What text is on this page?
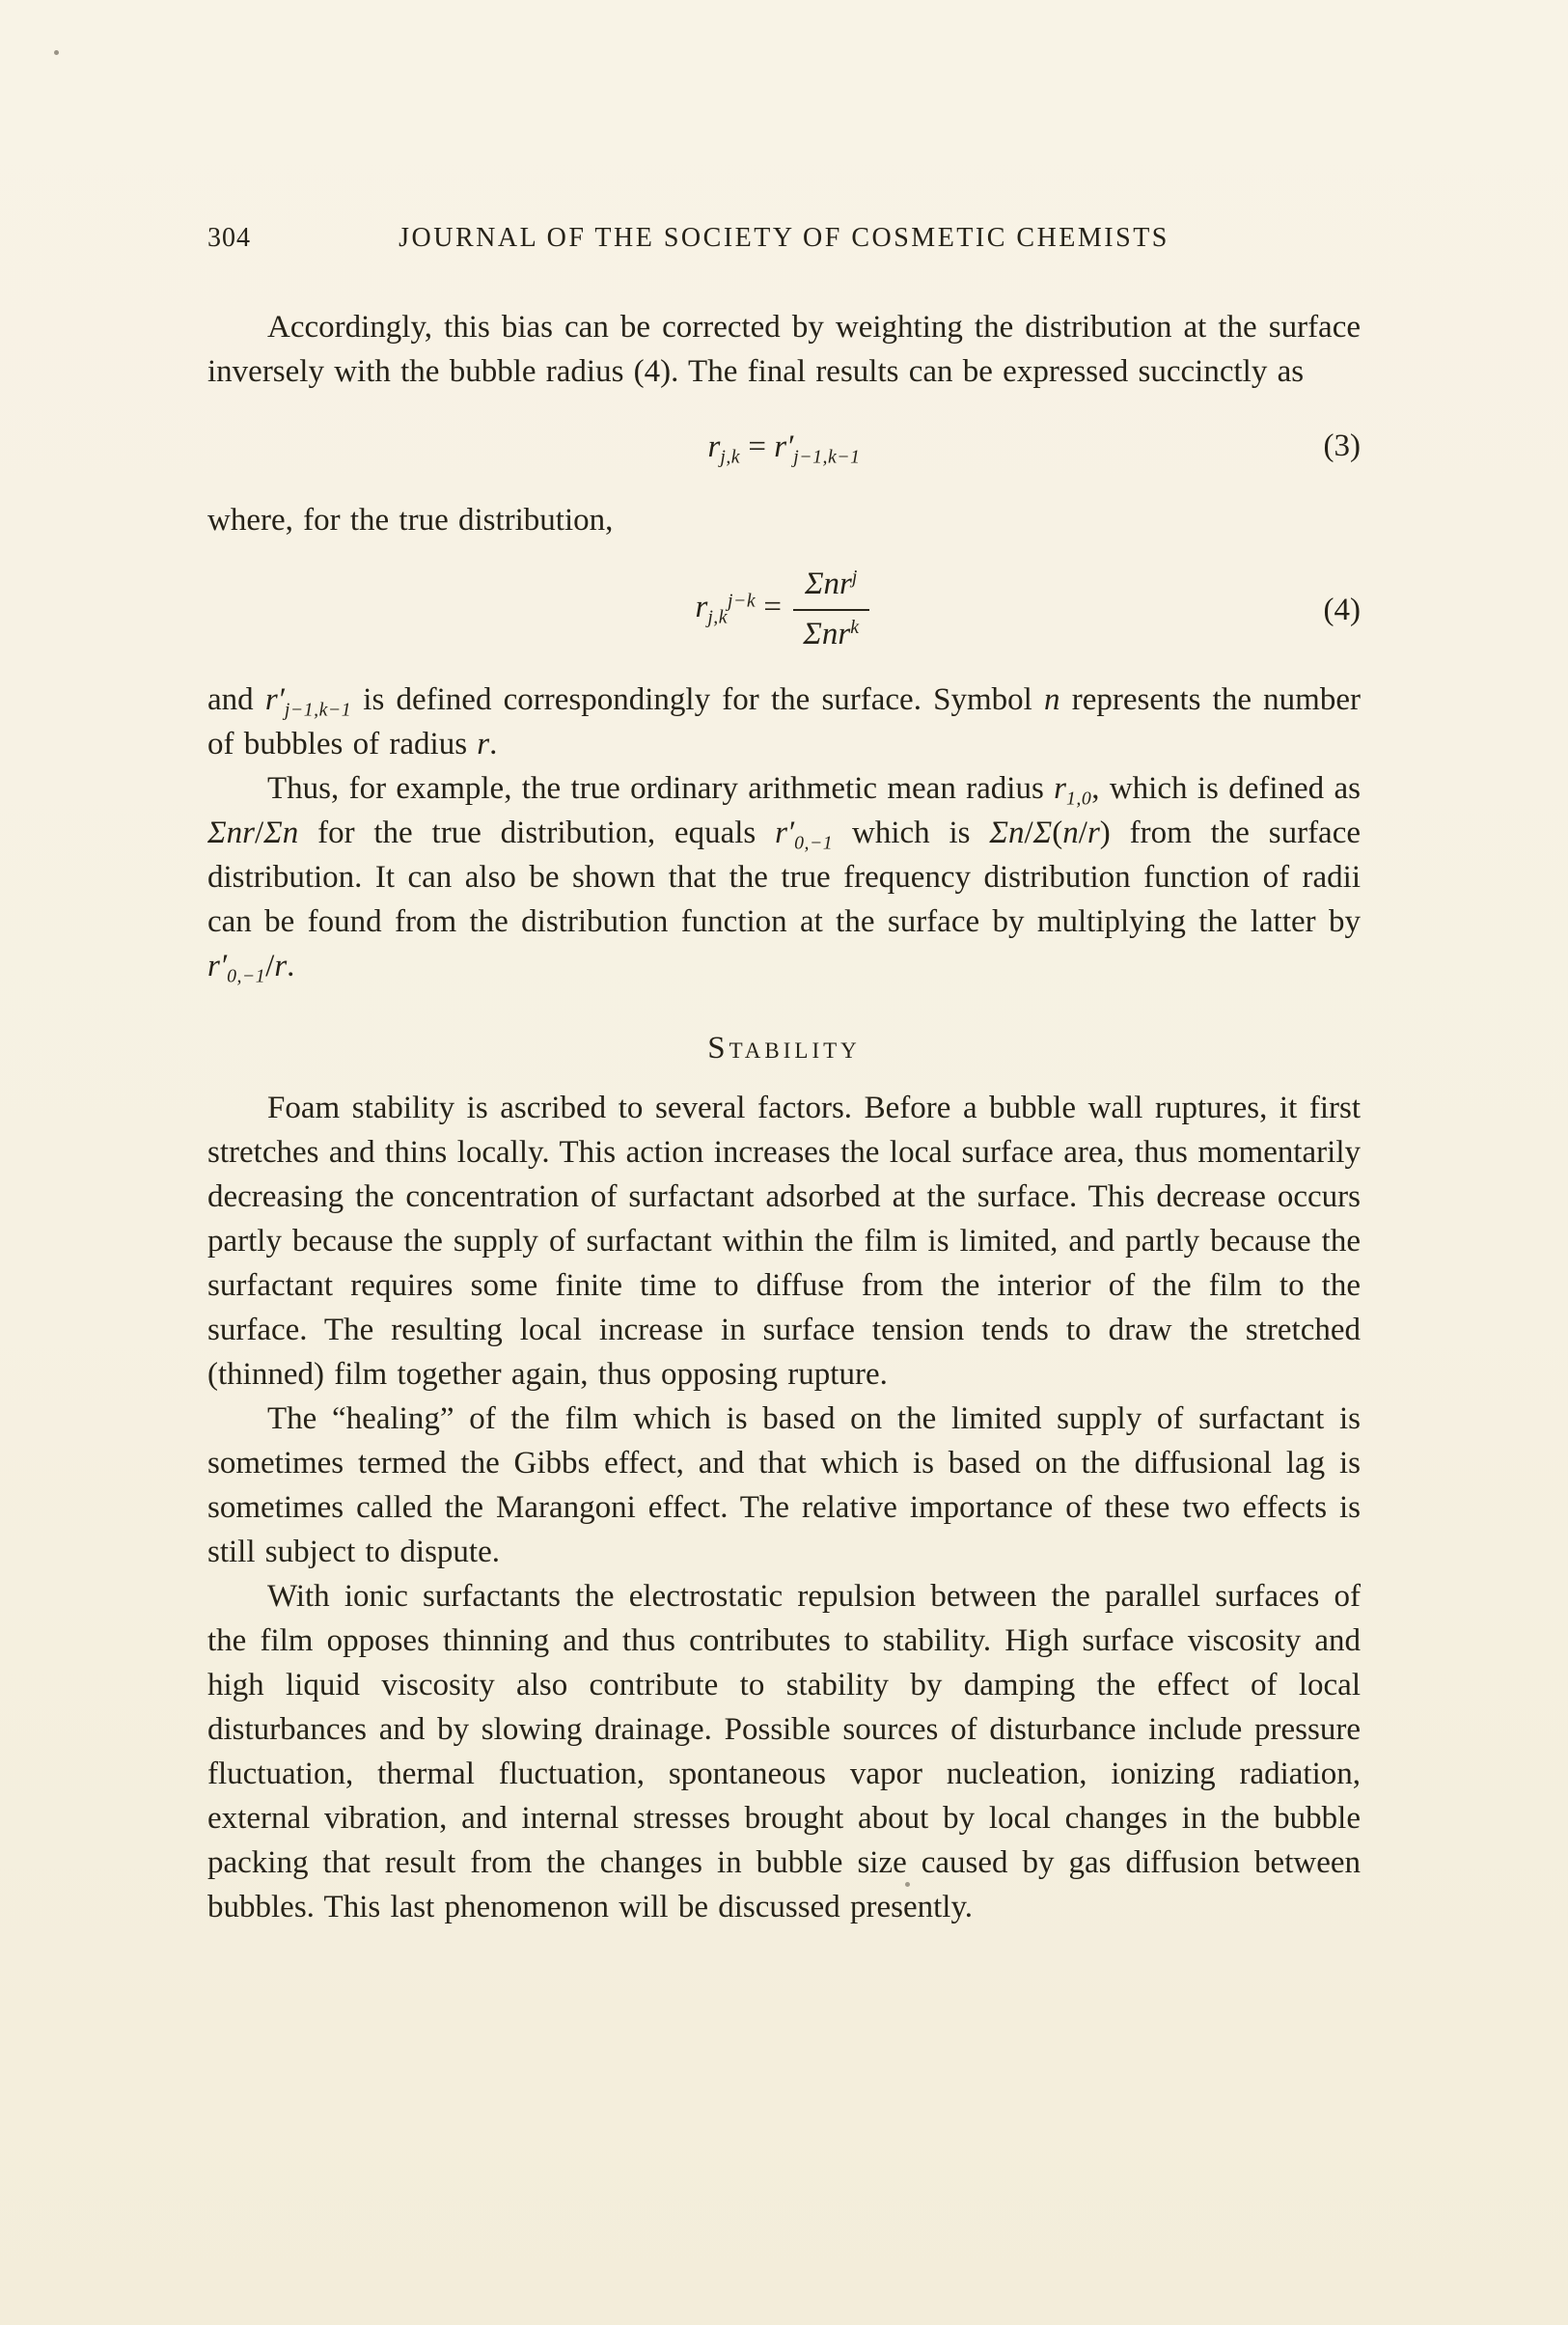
304	JOURNAL OF THE SOCIETY OF COSMETIC CHEMISTS

Accordingly, this bias can be corrected by weighting the distribution at the surface inversely with the bubble radius (4). The final results can be expressed succinctly as

$r_{j,k} = r'_{j-1,k-1}$	(3)

where, for the true distribution,

$r_{j,k}^{j-k} = \frac{\Sigma nr^j}{\Sigma nr^k}$	(4)

and $r'_{j-1,k-1}$ is defined correspondingly for the surface. Symbol n represents the number of bubbles of radius r.

Thus, for example, the true ordinary arithmetic mean radius $r_{1,0}$, which is defined as Σnr/Σn for the true distribution, equals $r'_{0,-1}$ which is Σn/Σ(n/r) from the surface distribution. It can also be shown that the true frequency distribution function of radii can be found from the distribution function at the surface by multiplying the latter by $r'_{0,-1}/r$.

Stability

Foam stability is ascribed to several factors. Before a bubble wall ruptures, it first stretches and thins locally. This action increases the local surface area, thus momentarily decreasing the concentration of surfactant adsorbed at the surface. This decrease occurs partly because the supply of surfactant within the film is limited, and partly because the surfactant requires some finite time to diffuse from the interior of the film to the surface. The resulting local increase in surface tension tends to draw the stretched (thinned) film together again, thus opposing rupture.

The “healing” of the film which is based on the limited supply of surfactant is sometimes termed the Gibbs effect, and that which is based on the diffusional lag is sometimes called the Marangoni effect. The relative importance of these two effects is still subject to dispute.

With ionic surfactants the electrostatic repulsion between the parallel surfaces of the film opposes thinning and thus contributes to stability. High surface viscosity and high liquid viscosity also contribute to stability by damping the effect of local disturbances and by slowing drainage. Possible sources of disturbance include pressure fluctuation, thermal fluctuation, spontaneous vapor nucleation, ionizing radiation, external vibration, and internal stresses brought about by local changes in the bubble packing that result from the changes in bubble size caused by gas diffusion between bubbles. This last phenomenon will be discussed presently.
